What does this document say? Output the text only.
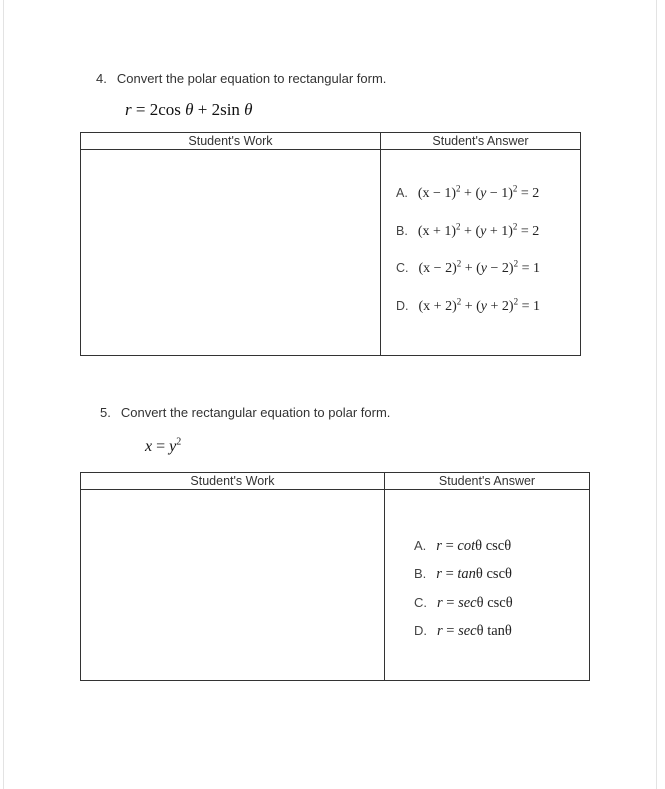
4. Convert the polar equation to rectangular form.
r = 2cos θ + 2sin θ
Student's Work	Student's Answer
A. $(x - 1)^2 + (y - 1)^2 = 2$
B. $(x + 1)^2 + (y + 1)^2 = 2$
C. $(x - 2)^2 + (y - 2)^2 = 1$
D. $(x + 2)^2 + (y + 2)^2 = 1$
5. Convert the rectangular equation to polar form.
$x = y^2$
Student's Work	Student's Answer
A. r = cotθ cscθ
B. r = tanθ cscθ
C. r = secθ cscθ
D. r = secθ tanθ
